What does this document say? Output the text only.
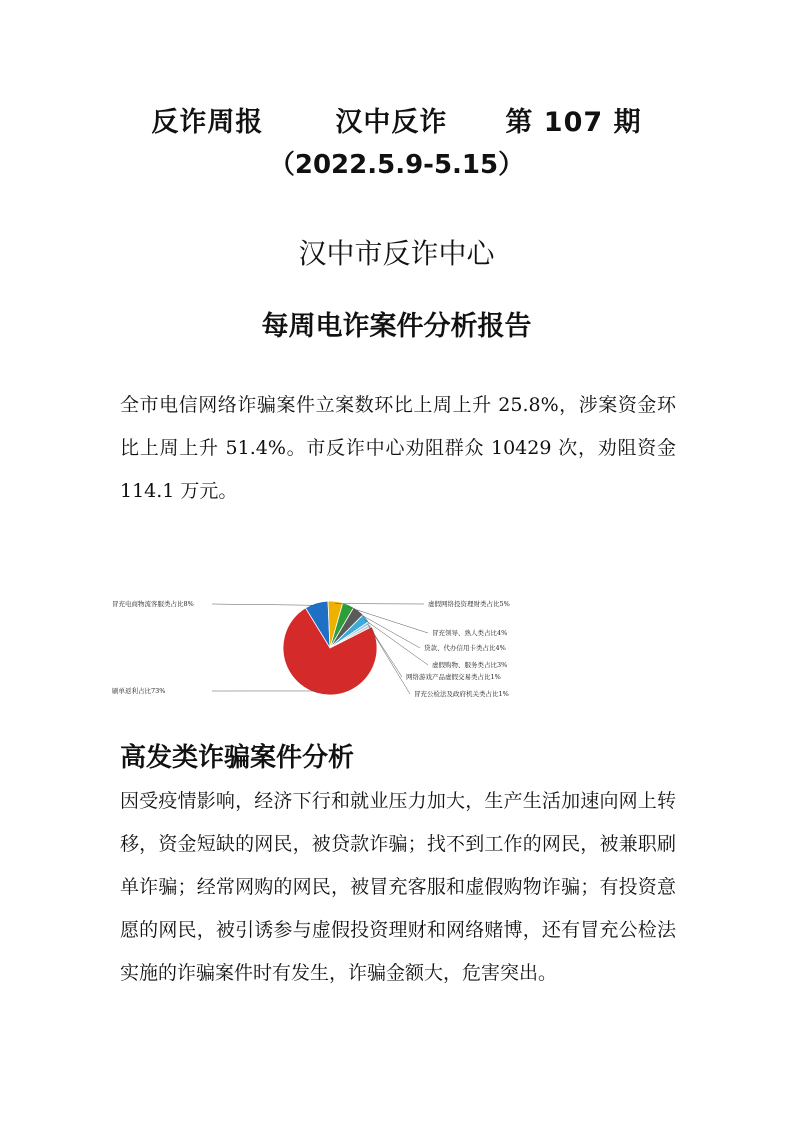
反诈周报	汉中反诈 第 107 期
（2022.5.9-5.15）
汉中市反诈中心
每周电诈案件分析报告

全市电信网络诈骗案件立案数环比上周上升 25.8%，涉案资金环比上周上升 51.4%。市反诈中心劝阻群众 10429 次，劝阻资金 114.1 万元。

冒充电商物流客服类占比8%	虚假网络投资理财类占比5%
冒充领导、熟人类占比4%
贷款、代办信用卡类占比4%
虚假购物、服务类占比3%
网络游戏产品虚假交易类占比1%
冒充公检法及政府机关类占比1%
刷单返利占比73%
高发类诈骗案件分析

因受疫情影响，经济下行和就业压力加大，生产生活加速向网上转移，资金短缺的网民，被贷款诈骗；找不到工作的网民，被兼职刷单诈骗；经常网购的网民，被冒充客服和虚假购物诈骗；有投资意愿的网民，被引诱参与虚假投资理财和网络赌博，还有冒充公检法实施的诈骗案件时有发生，诈骗金额大，危害突出。
